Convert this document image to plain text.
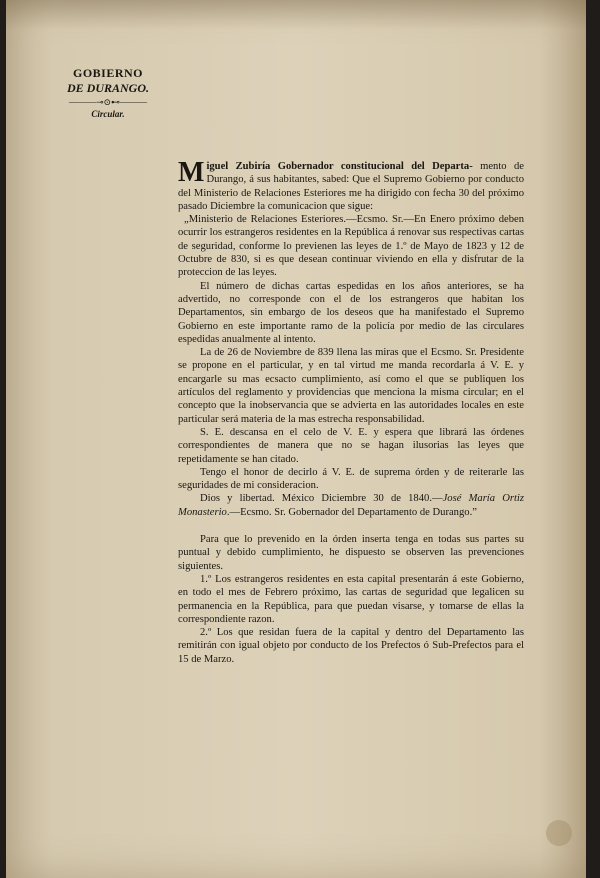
GOBIERNO
DE DURANGO.
———⊸⊙⊷———
Circular.

Miguel Zubiría Gobernador constitucional del Departa- mento de Durango, á sus habitantes, sabed: Que el Supremo Gobierno por conducto del Ministerio de Relaciones Esteriores me ha dirigido con fecha 30 del próximo pasado Diciembre la comunicacion que sigue:

„Ministerio de Relaciones Esteriores.—Ecsmo. Sr.—En Enero próximo deben ocurrir los estrangeros residentes en la República á renovar sus respectivas cartas de seguridad, conforme lo previenen las leyes de 1.º de Mayo de 1823 y 12 de Octubre de 830, si es que desean continuar viviendo en ella y disfrutar de la proteccion de las leyes.

El número de dichas cartas espedidas en los años anteriores, se ha advertido, no corresponde con el de los estrangeros que habitan los Departamentos, sin embargo de los deseos que ha manifestado el Supremo Gobierno en este importante ramo de la policía por medio de las circulares espedidas anualmente al intento.

La de 26 de Noviembre de 839 llena las miras que el Ecsmo. Sr. Presidente se propone en el particular, y en tal virtud me manda recordarla á V. E. y encargarle su mas ecsacto cumplimiento, así como el que se publiquen los artículos del reglamento y providencias que menciona la misma circular; en el concepto que la inobservancia que se advierta en las autoridades locales en este particular será materia de la mas estrecha responsabilidad.

S. E. descansa en el celo de V. E. y espera que librará las órdenes correspondientes de manera que no se hagan ilusorias las leyes que repetidamente se han citado.

Tengo el honor de decirlo á V. E. de suprema órden y de reiterarle las seguridades de mi consideracion.

Dios y libertad. México Diciembre 30 de 1840.—José María Ortiz Monasterio.—Ecsmo. Sr. Gobernador del Departamento de Durango.”

Para que lo prevenido en la órden inserta tenga en todas sus partes su puntual y debido cumplimiento, he dispuesto se observen las prevenciones siguientes.

1.º Los estrangeros residentes en esta capital presentarán á este Gobierno, en todo el mes de Febrero próximo, las cartas de seguridad que legalicen su permanencia en la República, para que puedan visarse, y tomarse de ellas la correspondiente razon.

2.º Los que residan fuera de la capital y dentro del Departamento las remitirán con igual objeto por conducto de los Prefectos ó Sub-Prefectos para el 15 de Marzo.
